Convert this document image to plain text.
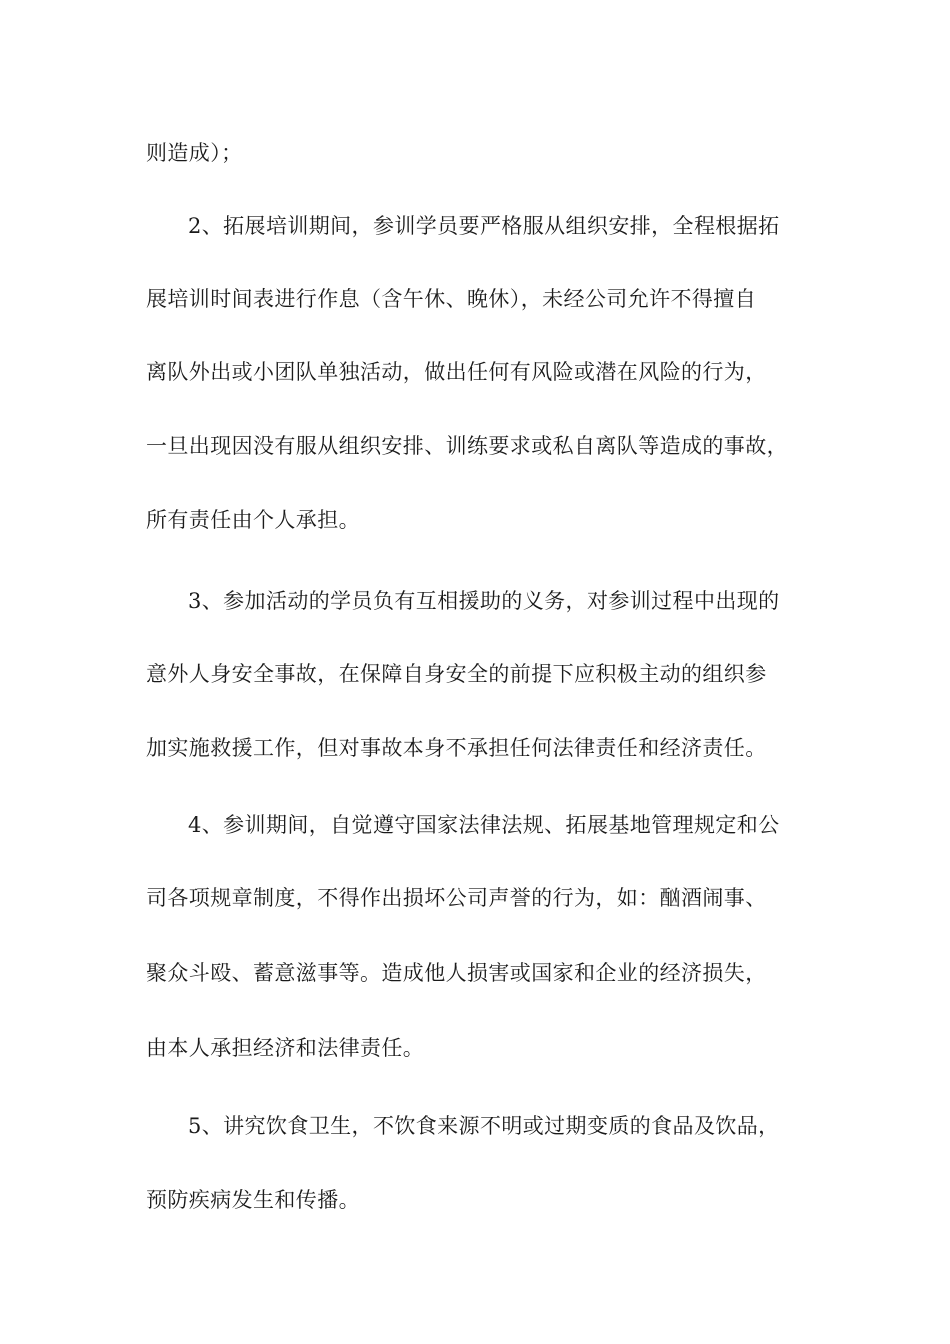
则造成）；
2、拓展培训期间，参训学员要严格服从组织安排，全程根据拓
展培训时间表进行作息（含午休、晚休），未经公司允许不得擅自
离队外出或小团队单独活动，做出任何有风险或潜在风险的行为，
一旦出现因没有服从组织安排、训练要求或私自离队等造成的事故，
所有责任由个人承担。
3、参加活动的学员负有互相援助的义务，对参训过程中出现的
意外人身安全事故，在保障自身安全的前提下应积极主动的组织参
加实施救援工作，但对事故本身不承担任何法律责任和经济责任。
4、参训期间，自觉遵守国家法律法规、拓展基地管理规定和公
司各项规章制度，不得作出损坏公司声誉的行为，如：酗酒闹事、
聚众斗殴、蓄意滋事等。造成他人损害或国家和企业的经济损失，
由本人承担经济和法律责任。
5、讲究饮食卫生，不饮食来源不明或过期变质的食品及饮品，
预防疾病发生和传播。
